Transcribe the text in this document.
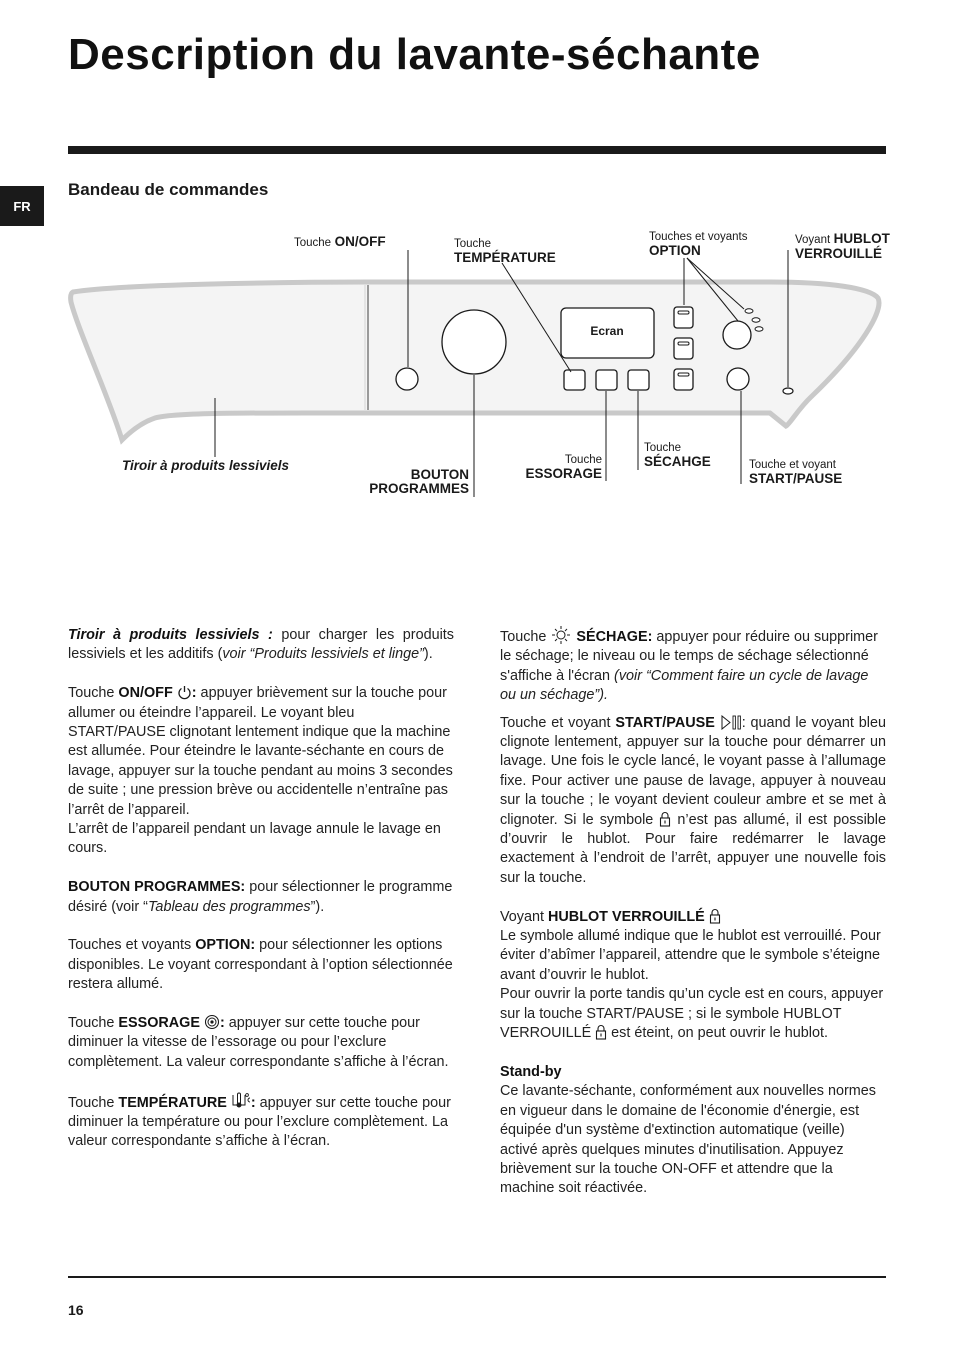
Description du lavante-séchante
FR
Bandeau de commandes
Ecran
Touche ON/OFF	Touche
TEMPÉRATURE
Touches et voyants
OPTION
Voyant HUBLOT
VERROUILLÉ
Tiroir à produits lessiviels
BOUTON
PROGRAMMES
Touche
ESSORAGE
Touche
SÉCAHGE	Touche et voyant
START/PAUSE

Tiroir à produits lessiviels : pour charger les produits lessiviels et les additifs (voir “Produits lessiviels et linge”).

Touche ON/OFF : appuyer brièvement sur la touche pour allumer ou éteindre l’appareil. Le voyant bleu START/PAUSE clignotant lentement indique que la machine est allumée. Pour éteindre le lavante-séchante en cours de lavage, appuyer sur la touche pendant au moins 3 secondes de suite ; une pression brève ou accidentelle n’entraîne pas l’arrêt de l’appareil.

L’arrêt de l’appareil pendant un lavage annule le lavage en cours.

BOUTON PROGRAMMES: pour sélectionner le programme désiré (voir “Tableau des programmes”).

Touches et voyants OPTION: pour sélectionner les options disponibles. Le voyant correspondant à l’option sélectionnée restera allumé.

Touche ESSORAGE : appuyer sur cette touche pour diminuer la vitesse de l’essorage ou pour l’exclure complètement. La valeur correspondante s’affiche à l’écran.

Touche TEMPÉRATURE : appuyer sur cette touche pour diminuer la température ou pour l’exclure complètement. La valeur correspondante s’affiche à l’écran.

Touche  SÉCHAGE: appuyer pour réduire ou supprimer le séchage; le niveau ou le temps de séchage sélectionné s'affiche à l'écran (voir “Comment faire un cycle de lavage ou un séchage”).

Touche et voyant START/PAUSE : quand le voyant bleu clignote lentement, appuyer sur la touche pour démarrer un lavage. Une fois le cycle lancé, le voyant passe à l’allumage fixe. Pour activer une pause de lavage, appuyer à nouveau sur la touche ; le voyant devient couleur ambre et se met à clignoter. Si le symbole  n’est pas allumé, il est possible d’ouvrir le hublot. Pour faire redémarrer le lavage exactement à l’endroit de l’arrêt, appuyer une nouvelle fois sur la touche.

Voyant HUBLOT VERROUILLÉ

Le symbole allumé indique que le hublot est verrouillé. Pour éviter d’abîmer l’appareil, attendre que le symbole s’éteigne avant d’ouvrir le hublot.

Pour ouvrir la porte tandis qu’un cycle est en cours, appuyer sur la touche START/PAUSE ; si le symbole HUBLOT VERROUILLÉ  est éteint, on peut ouvrir le hublot.

Stand-by

Ce lavante-séchante, conformément aux nouvelles normes en vigueur dans le domaine de l'économie d'énergie, est équipée d'un système d'extinction automatique (veille) activé après quelques minutes d'inutilisation. Appuyez brièvement sur la touche ON-OFF et attendre que la machine soit réactivée.

16
